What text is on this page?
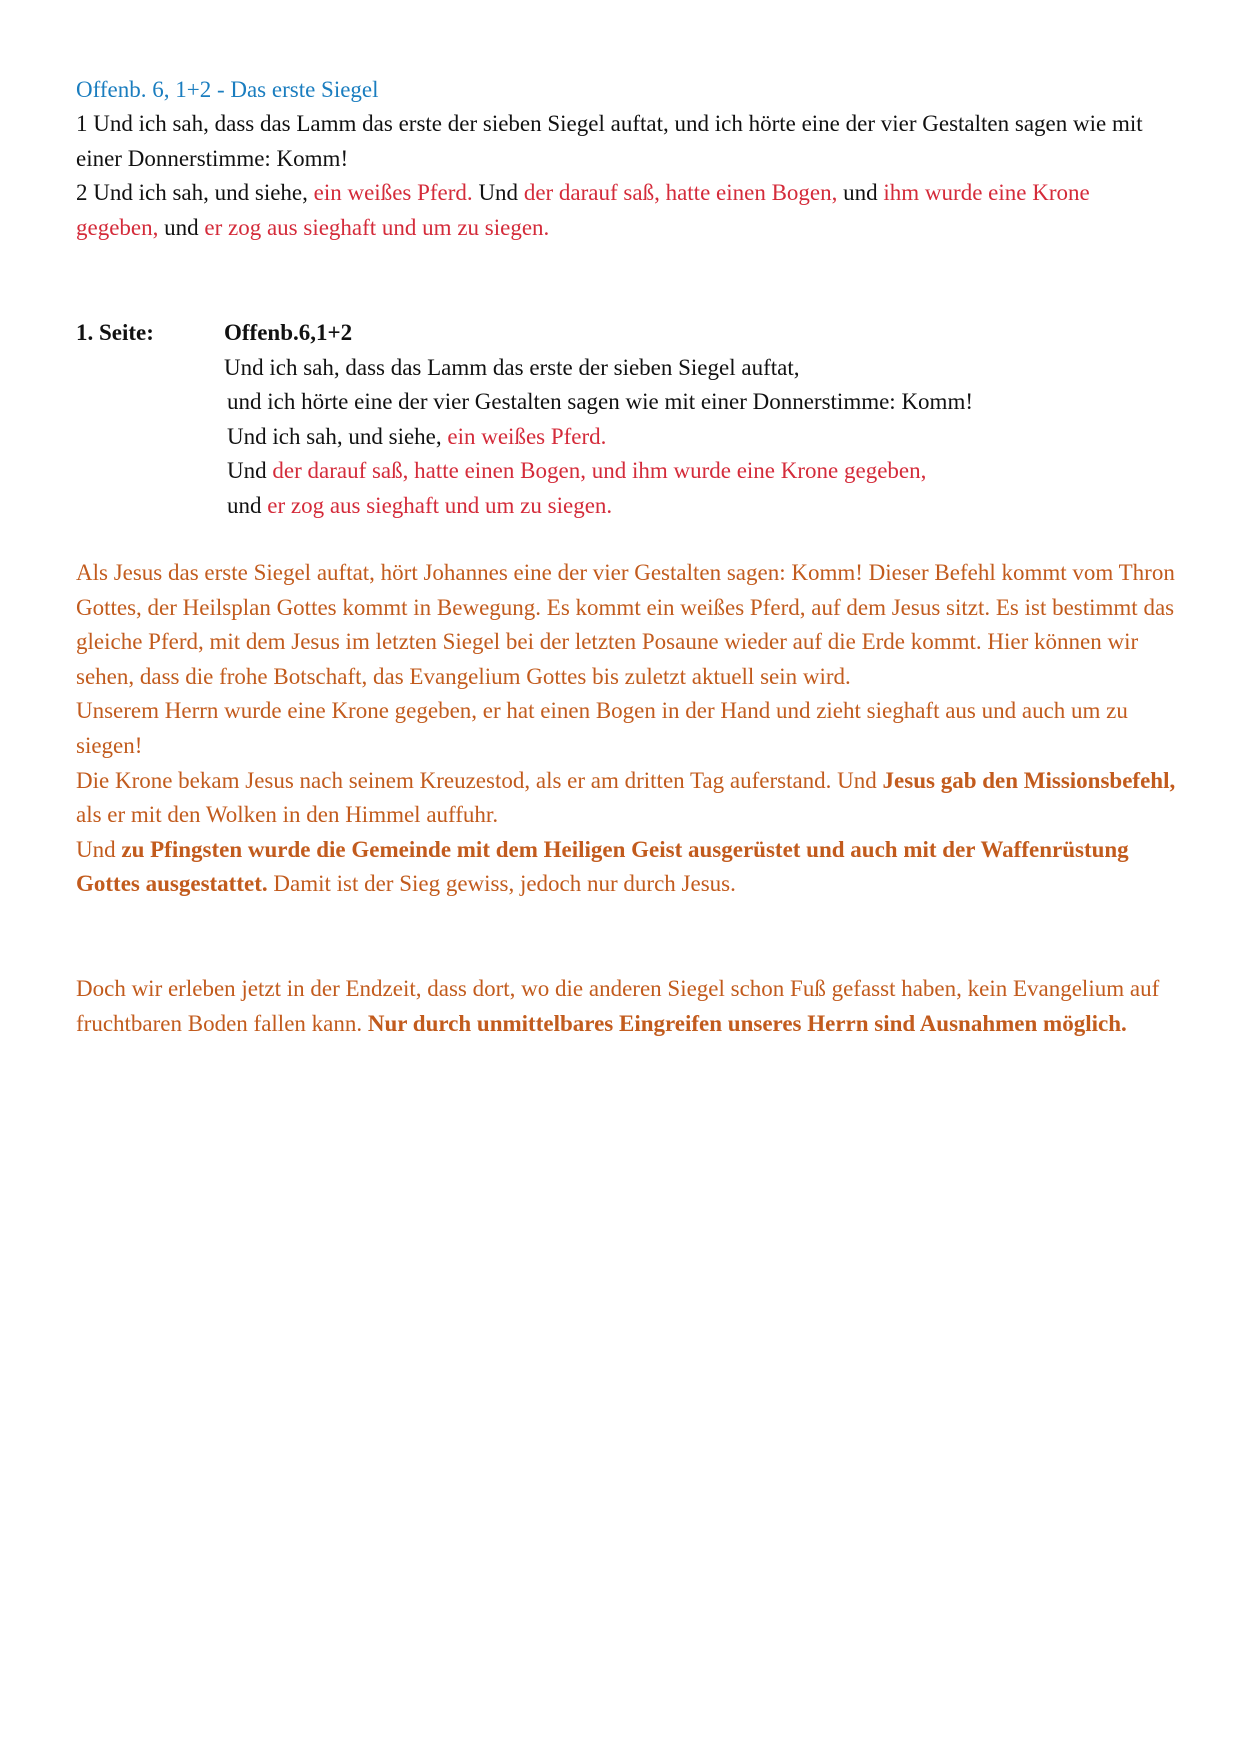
Offenb. 6, 1+2 - Das erste Siegel

1 Und ich sah, dass das Lamm das erste der sieben Siegel auftat, und ich hörte eine der vier Gestalten sagen wie mit einer Donnerstimme: Komm!

2 Und ich sah, und siehe, ein weißes Pferd. Und der darauf saß, hatte einen Bogen, und ihm wurde eine Krone gegeben, und er zog aus sieghaft und um zu siegen.

1. Seite:	Offenb.6,1+2

Und ich sah, dass das Lamm das erste der sieben Siegel auftat,

und ich hörte eine der vier Gestalten sagen wie mit einer Donnerstimme: Komm!

Und ich sah, und siehe, ein weißes Pferd.

Und der darauf saß, hatte einen Bogen, und ihm wurde eine Krone gegeben,

und er zog aus sieghaft und um zu siegen.

Als Jesus das erste Siegel auftat, hört Johannes eine der vier Gestalten sagen: Komm! Dieser Befehl kommt vom Thron Gottes, der Heilsplan Gottes kommt in Bewegung. Es kommt ein weißes Pferd, auf dem Jesus sitzt. Es ist bestimmt das gleiche Pferd, mit dem Jesus im letzten Siegel bei der letzten Posaune wieder auf die Erde kommt. Hier können wir sehen, dass die frohe Botschaft, das Evangelium Gottes bis zuletzt aktuell sein wird.

Unserem Herrn wurde eine Krone gegeben, er hat einen Bogen in der Hand und zieht sieghaft aus und auch um zu siegen!

Die Krone bekam Jesus nach seinem Kreuzestod, als er am dritten Tag auferstand. Und Jesus gab den Missionsbefehl, als er mit den Wolken in den Himmel auffuhr.

Und zu Pfingsten wurde die Gemeinde mit dem Heiligen Geist ausgerüstet und auch mit der Waffenrüstung Gottes ausgestattet. Damit ist der Sieg gewiss, jedoch nur durch Jesus.

Doch wir erleben jetzt in der Endzeit, dass dort, wo die anderen Siegel schon Fuß gefasst haben, kein Evangelium auf fruchtbaren Boden fallen kann. Nur durch unmittelbares Eingreifen unseres Herrn sind Ausnahmen möglich.
